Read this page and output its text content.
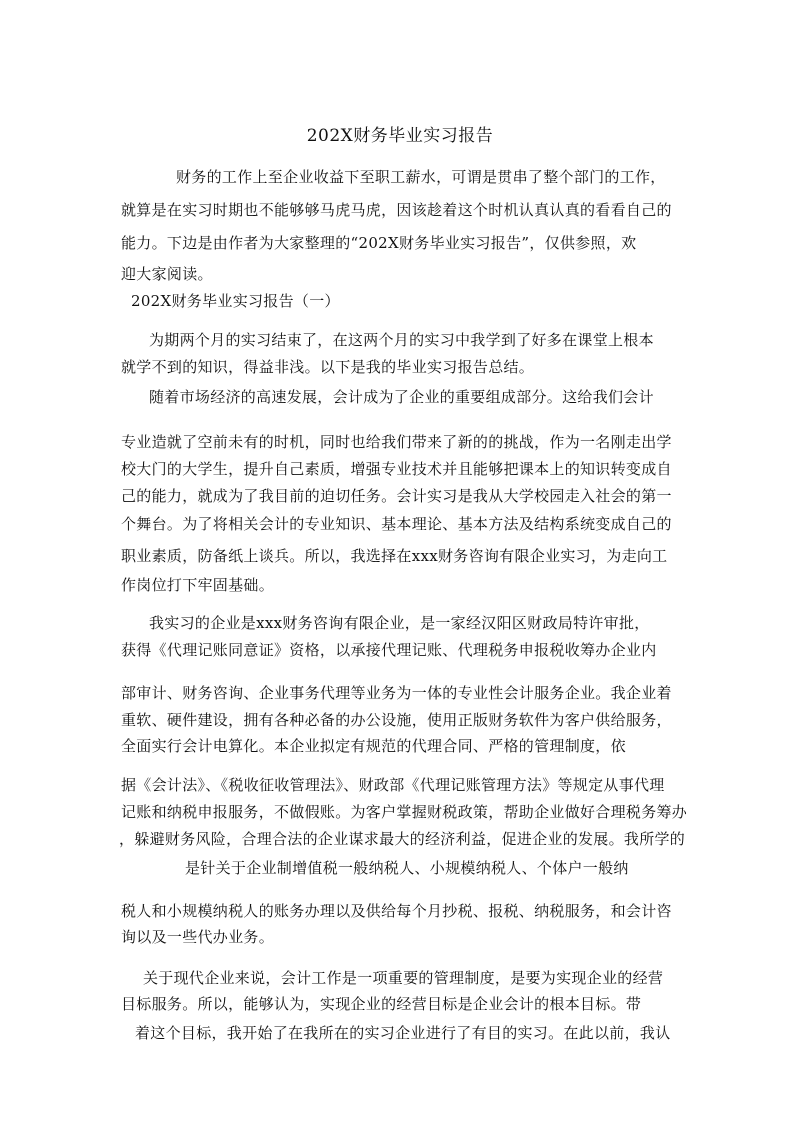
202X财务毕业实习报告
财务的工作上至企业收益下至职工薪水，可谓是贯串了整个部门的工作，
就算是在实习时期也不能够够马虎马虎，因该趁着这个时机认真认真的看看自己的
能力。下边是由作者为大家整理的“202X财务毕业实习报告”，仅供参照，欢
迎大家阅读。
202X财务毕业实习报告（一）
为期两个月的实习结束了，在这两个月的实习中我学到了好多在课堂上根本
就学不到的知识，得益非浅。以下是我的毕业实习报告总结。
随着市场经济的高速发展，会计成为了企业的重要组成部分。这给我们会计
专业造就了空前未有的时机，同时也给我们带来了新的的挑战，作为一名刚走出学
校大门的大学生，提升自己素质，增强专业技术并且能够把课本上的知识转变成自
己的能力，就成为了我目前的迫切任务。会计实习是我从大学校园走入社会的第一
个舞台。为了将相关会计的专业知识、基本理论、基本方法及结构系统变成自己的
职业素质，防备纸上谈兵。所以，我选择在xxx财务咨询有限企业实习，为走向工
作岗位打下牢固基础。
我实习的企业是xxx财务咨询有限企业，是一家经汉阳区财政局特许审批，
获得《代理记账同意证》资格，以承接代理记账、代理税务申报税收筹办企业内
部审计、财务咨询、企业事务代理等业务为一体的专业性会计服务企业。我企业着
重软、硬件建设，拥有各种必备的办公设施，使用正版财务软件为客户供给服务，
全面实行会计电算化。本企业拟定有规范的代理合同、严格的管理制度，依
据《会计法》、《税收征收管理法》、财政部《代理记账管理方法》等规定从事代理
记账和纳税申报服务，不做假账。为客户掌握财税政策，帮助企业做好合理税务筹办
，躲避财务风险，合理合法的企业谋求最大的经济利益，促进企业的发展。我所学的
是针关于企业制增值税一般纳税人、小规模纳税人、个体户一般纳
税人和小规模纳税人的账务办理以及供给每个月抄税、报税、纳税服务，和会计咨
询以及一些代办业务。
关于现代企业来说，会计工作是一项重要的管理制度，是要为实现企业的经营
目标服务。所以，能够认为，实现企业的经营目标是企业会计的根本目标。带
着这个目标，我开始了在我所在的实习企业进行了有目的实习。在此以前，我认
